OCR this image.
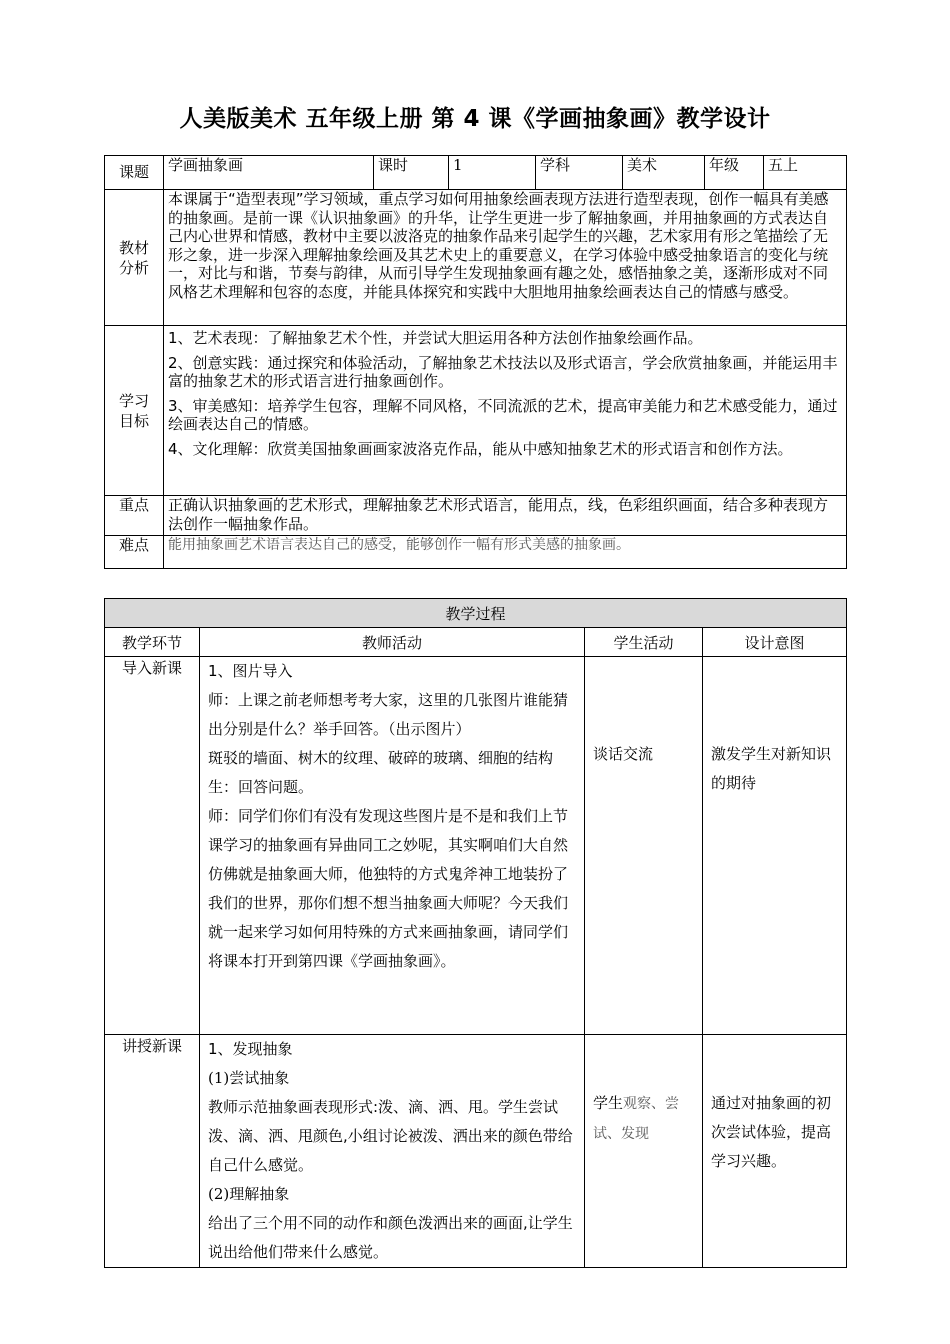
人美版美术 五年级上册 第 4 课《学画抽象画》教学设计
课题	学画抽象画	课时	1	学科	美术	年级	五上
教材分析	本课属于“造型表现”学习领域，重点学习如何用抽象绘画表现方法进行造型表现，创作一幅具有美感的抽象画。是前一课《认识抽象画》的升华，让学生更进一步了解抽象画，并用抽象画的方式表达自己内心世界和情感，教材中主要以波洛克的抽象作品来引起学生的兴趣，艺术家用有形之笔描绘了无形之象，进一步深入理解抽象绘画及其艺术史上的重要意义，在学习体验中感受抽象语言的变化与统一，对比与和谐，节奏与韵律，从而引导学生发现抽象画有趣之处，感悟抽象之美，逐渐形成对不同风格艺术理解和包容的态度，并能具体探究和实践中大胆地用抽象绘画表达自己的情感与感受。						
学习目标	1、艺术表现：了解抽象艺术个性，并尝试大胆运用各种方法创作抽象绘画作品。

2、创意实践：通过探究和体验活动，了解抽象艺术技法以及形式语言，学会欣赏抽象画，并能运用丰富的抽象艺术的形式语言进行抽象画创作。

3、审美感知：培养学生包容，理解不同风格，不同流派的艺术，提高审美能力和艺术感受能力，通过绘画表达自己的情感。

4、文化理解：欣赏美国抽象画画家波洛克作品，能从中感知抽象艺术的形式语言和创作方法。						

重点	正确认识抽象画的艺术形式，理解抽象艺术形式语言，能用点，线，色彩组织画面，结合多种表现方法创作一幅抽象作品。						
难点	能用抽象画艺术语言表达自己的感受，能够创作一幅有形式美感的抽象画。						
教学过程			
教学环节	教师活动	学生活动	设计意图
导入新课	1、图片导入
师：上课之前老师想考考大家，这里的几张图片谁能猜出分别是什么？举手回答。（出示图片）
斑驳的墙面、树木的纹理、破碎的玻璃、细胞的结构
生：回答问题。
师：同学们你们有没有发现这些图片是不是和我们上节课学习的抽象画有异曲同工之妙呢，其实啊咱们大自然仿佛就是抽象画大师，他独特的方式鬼斧神工地装扮了我们的世界，那你们想不想当抽象画大师呢？今天我们就一起来学习如何用特殊的方式来画抽象画，请同学们将课本打开到第四课《学画抽象画》。	谈话交流	激发学生对新知识的期待
讲授新课	1、发现抽象
(1)尝试抽象
教师示范抽象画表现形式:泼、滴、洒、甩。学生尝试泼、滴、洒、甩颜色,小组讨论被泼、洒出来的颜色带给自己什么感觉。
(2)理解抽象
给出了三个用不同的动作和颜色泼洒出来的画面,让学生说出给他们带来什么感觉。	学生观察、尝试、发现	通过对抽象画的初次尝试体验，提高学习兴趣。
